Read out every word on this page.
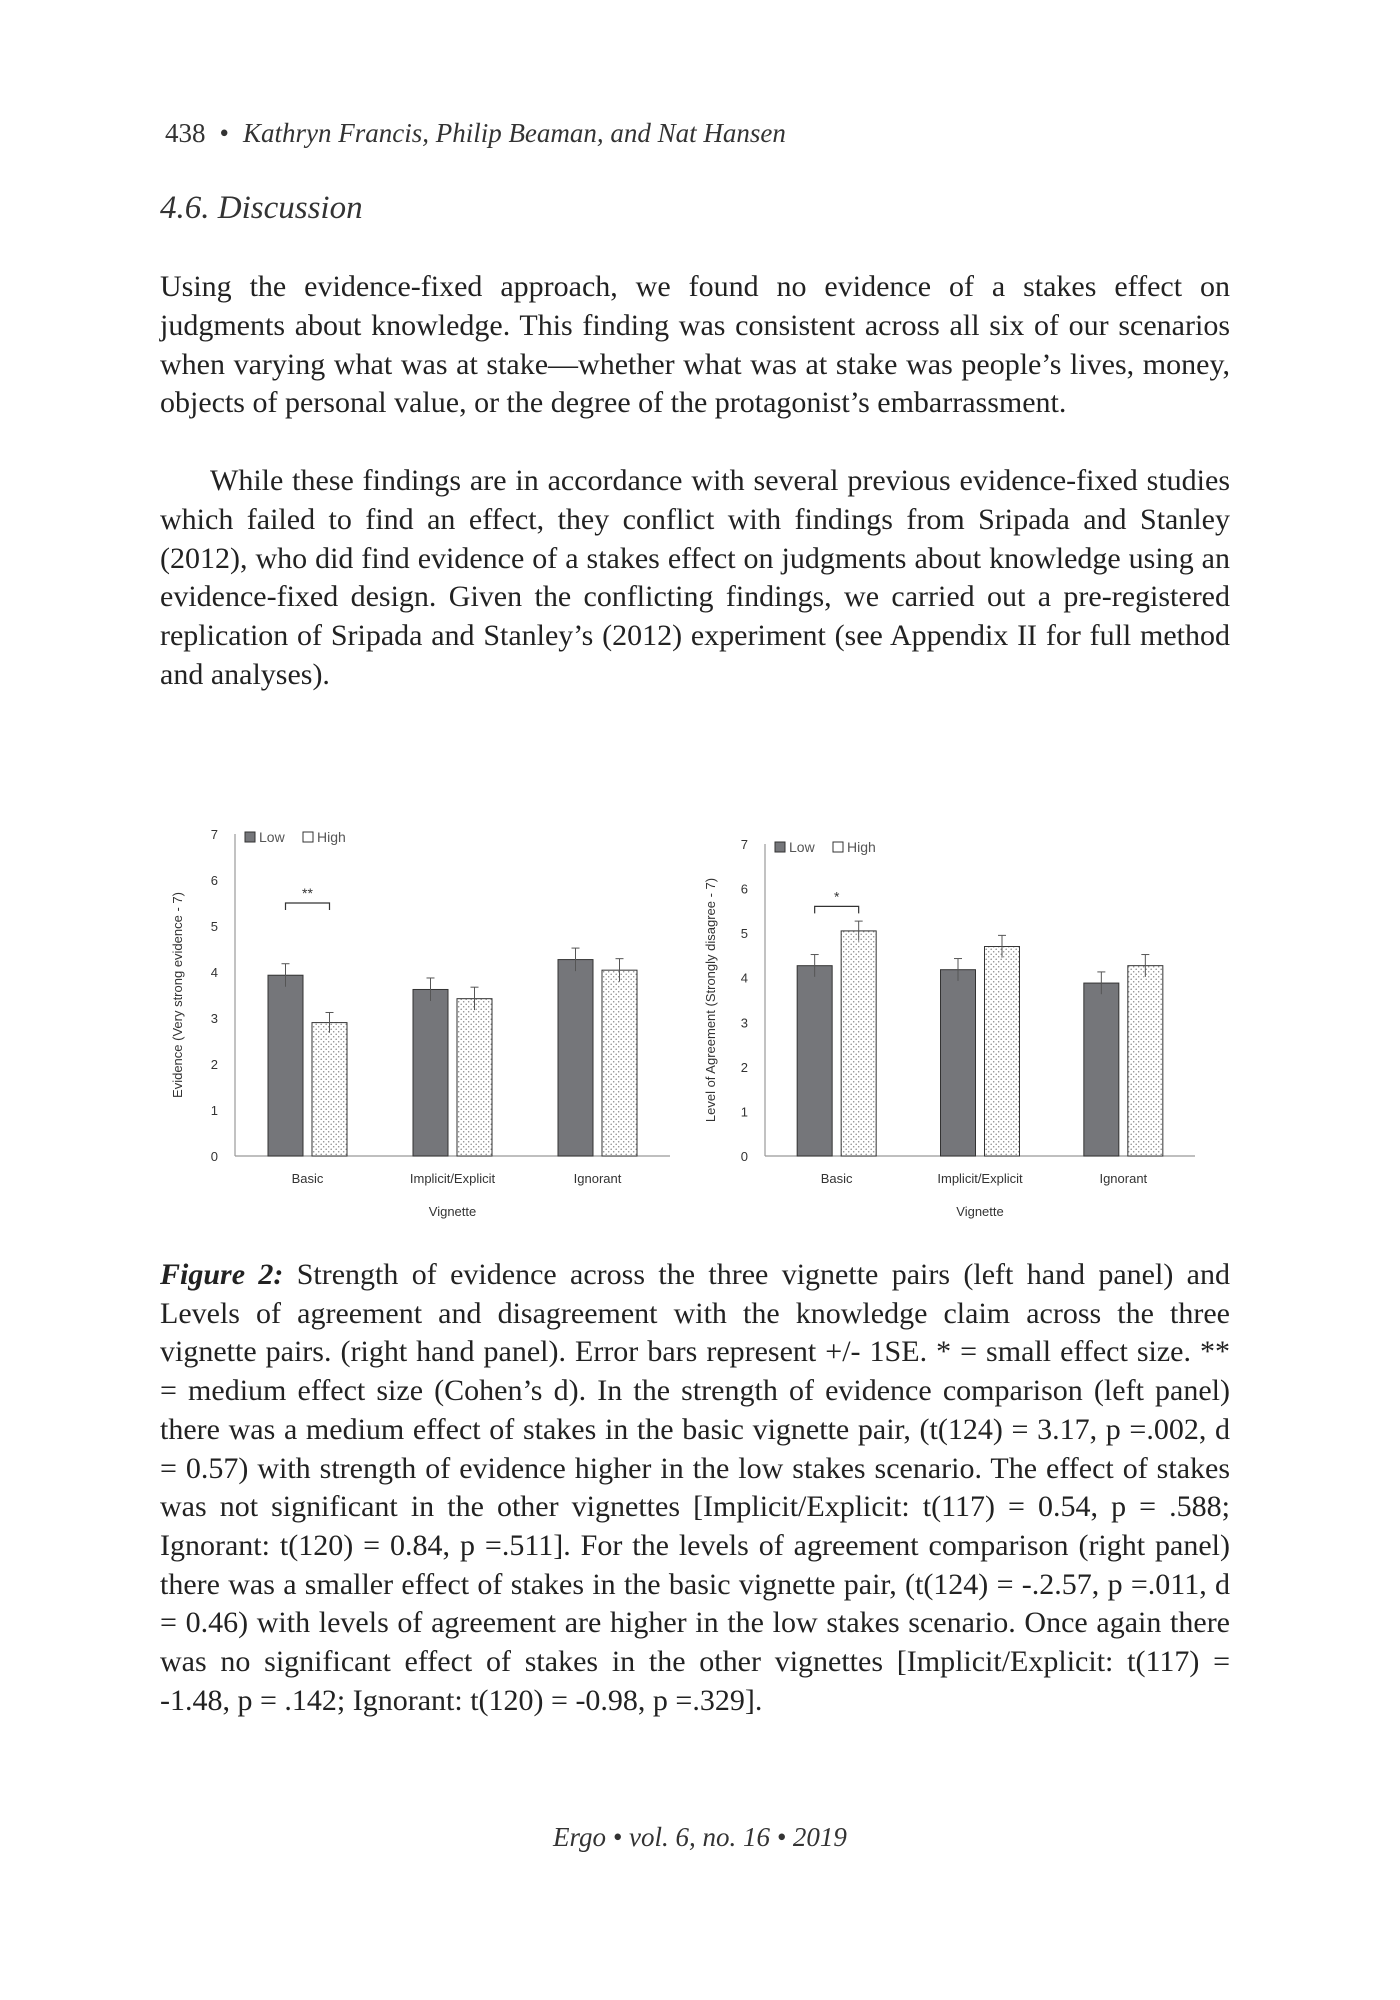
438 • Kathryn Francis, Philip Beaman, and Nat Hansen
4.6. Discussion

Using the evidence-fixed approach, we found no evidence of a stakes effect on judgments about knowledge. This finding was consistent across all six of our scenarios when varying what was at stake—whether what was at stake was people’s lives, money, objects of personal value, or the degree of the protagonist’s embarrassment.

While these findings are in accordance with several previous evidence-fixed studies which failed to find an effect, they conflict with findings from Sripada and Stanley (2012), who did find evidence of a stakes effect on judgments about knowledge using an evidence-fixed design. Given the conflicting findings, we carried out a pre-registered replication of Sripada and Stanley’s (2012) experiment (see Appendix II for full method and analyses).

0
1
2
3
4
5
6
7
Evidence (Very strong evidence - 7)
Basic	Implicit/Explicit	Ignorant
Vignette
Low High
**
0
1
2
3
4
5
6
7
Level of Agreement (Strongly disagree - 7)
Basic	Implicit/Explicit	Ignorant
Vignette
Low High
*

Figure 2: Strength of evidence across the three vignette pairs (left hand panel) and Levels of agreement and disagreement with the knowledge claim across the three vignette pairs. (right hand panel). Error bars represent +/- 1SE. * = small effect size. ** = medium effect size (Cohen’s d). In the strength of evidence comparison (left panel) there was a medium effect of stakes in the basic vignette pair, (t(124) = 3.17, p =.002, d = 0.57) with strength of evidence higher in the low stakes scenario. The effect of stakes was not significant in the other vignettes [Implicit/Explicit: t(117) = 0.54, p = .588; Ignorant: t(120) = 0.84, p =.511]. For the levels of agreement comparison (right panel) there was a smaller effect of stakes in the basic vignette pair, (t(124) = -.2.57, p =.011, d = 0.46) with levels of agreement are higher in the low stakes scenario. Once again there was no significant effect of stakes in the other vignettes [Implicit/Explicit: t(117) = -1.48, p = .142; Ignorant: t(120) = -0.98, p =.329].

Ergo • vol. 6, no. 16 • 2019
